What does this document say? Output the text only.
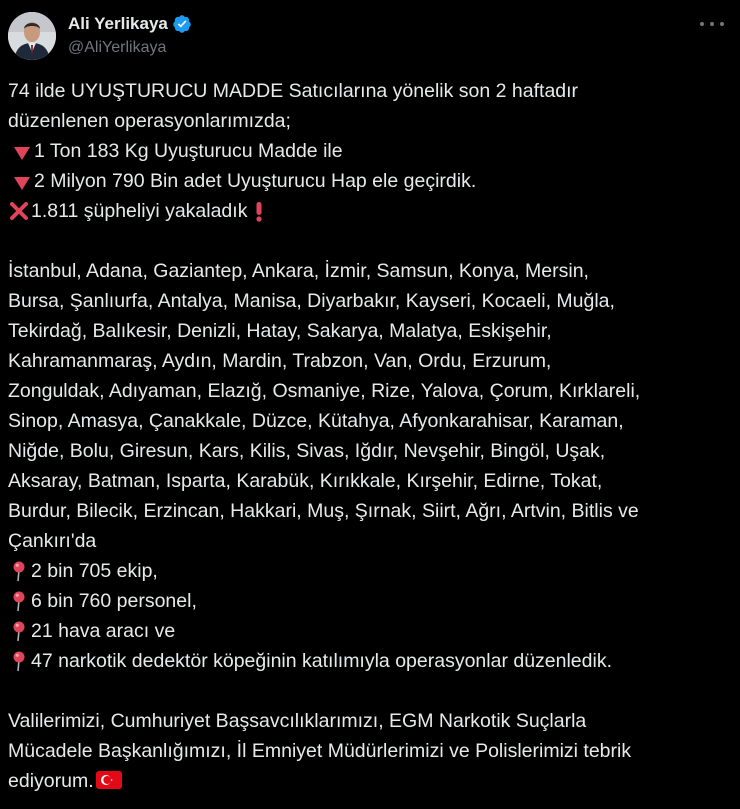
Ali Yerlikaya
@AliYerlikaya
74 ilde UYUŞTURUCU MADDE Satıcılarına yönelik son 2 haftadır
düzenlenen operasyonlarımızda;
1 Ton 183 Kg Uyuşturucu Madde ile
2 Milyon 790 Bin adet Uyuşturucu Hap ele geçirdik.
1.811 şüpheliyi yakaladık
İstanbul, Adana, Gaziantep, Ankara, İzmir, Samsun, Konya, Mersin,
Bursa, Şanlıurfa, Antalya, Manisa, Diyarbakır, Kayseri, Kocaeli, Muğla,
Tekirdağ, Balıkesir, Denizli, Hatay, Sakarya, Malatya, Eskişehir,
Kahramanmaraş, Aydın, Mardin, Trabzon, Van, Ordu, Erzurum,
Zonguldak, Adıyaman, Elazığ, Osmaniye, Rize, Yalova, Çorum, Kırklareli,
Sinop, Amasya, Çanakkale, Düzce, Kütahya, Afyonkarahisar, Karaman,
Niğde, Bolu, Giresun, Kars, Kilis, Sivas, Iğdır, Nevşehir, Bingöl, Uşak,
Aksaray, Batman, Isparta, Karabük, Kırıkkale, Kırşehir, Edirne, Tokat,
Burdur, Bilecik, Erzincan, Hakkari, Muş, Şırnak, Siirt, Ağrı, Artvin, Bitlis ve
Çankırı'da
2 bin 705 ekip,
6 bin 760 personel,
21 hava aracı ve
47 narkotik dedektör köpeğinin katılımıyla operasyonlar düzenledik.
Valilerimizi, Cumhuriyet Başsavcılıklarımızı, EGM Narkotik Suçlarla
Mücadele Başkanlığımızı, İl Emniyet Müdürlerimizi ve Polislerimizi tebrik
ediyorum.
